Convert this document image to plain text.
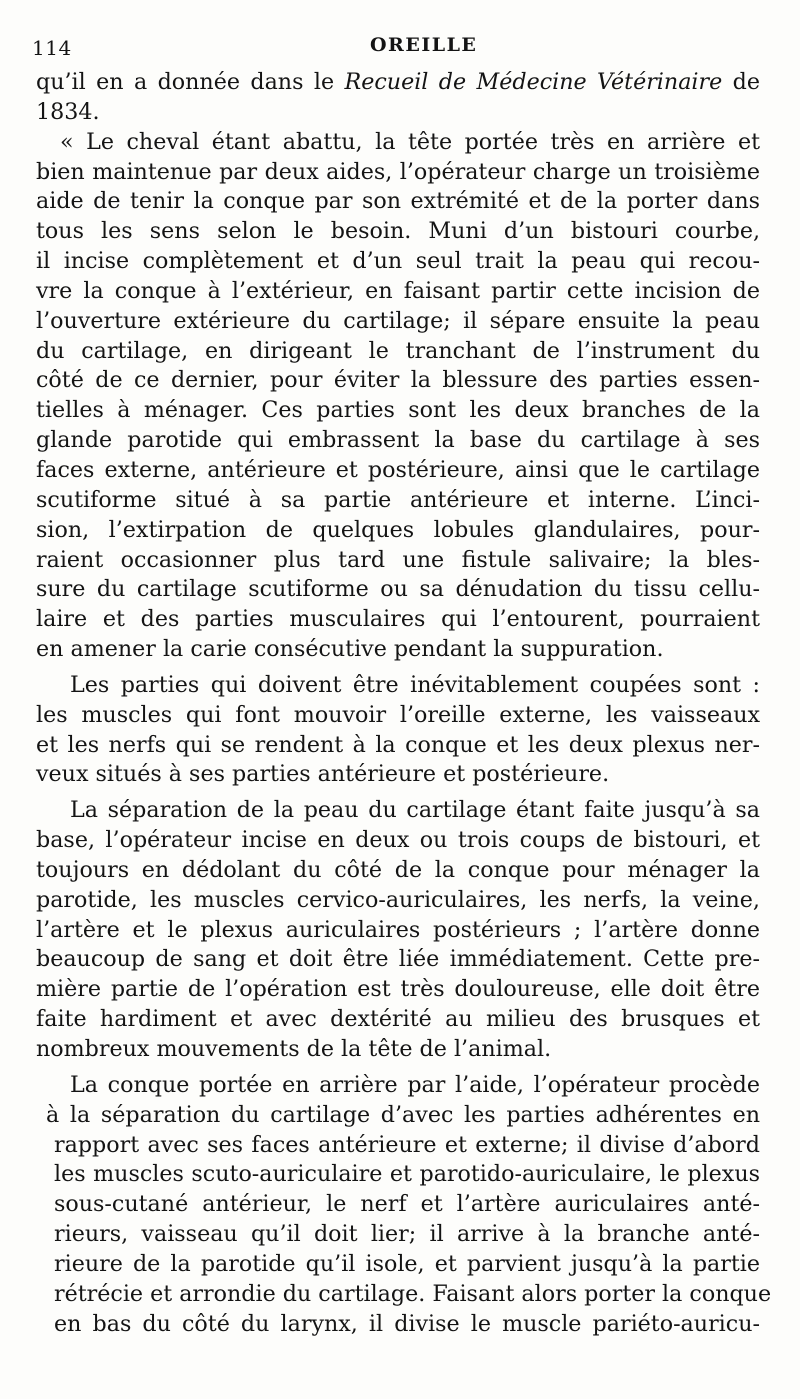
114	OREILLE
qu’il en a donnée dans le Recueil de Médecine Vétérinaire de
1834.
« Le cheval étant abattu, la tête portée très en arrière et
bien maintenue par deux aides, l’opérateur charge un troisième
aide de tenir la conque par son extrémité et de la porter dans
tous les sens selon le besoin. Muni d’un bistouri courbe,
il incise complètement et d’un seul trait la peau qui recou-
vre la conque à l’extérieur, en faisant partir cette incision de
l’ouverture extérieure du cartilage; il sépare ensuite la peau
du cartilage, en dirigeant le tranchant de l’instrument du
côté de ce dernier, pour éviter la blessure des parties essen-
tielles à ménager. Ces parties sont les deux branches de la
glande parotide qui embrassent la base du cartilage à ses
faces externe, antérieure et postérieure, ainsi que le cartilage
scutiforme situé à sa partie antérieure et interne. L’inci-
sion, l’extirpation de quelques lobules glandulaires, pour-
raient occasionner plus tard une fistule salivaire; la bles-
sure du cartilage scutiforme ou sa dénudation du tissu cellu-
laire et des parties musculaires qui l’entourent, pourraient
en amener la carie consécutive pendant la suppuration.
Les parties qui doivent être inévitablement coupées sont :
les muscles qui font mouvoir l’oreille externe, les vaisseaux
et les nerfs qui se rendent à la conque et les deux plexus ner-
veux situés à ses parties antérieure et postérieure.
La séparation de la peau du cartilage étant faite jusqu’à sa
base, l’opérateur incise en deux ou trois coups de bistouri, et
toujours en dédolant du côté de la conque pour ménager la
parotide, les muscles cervico-auriculaires, les nerfs, la veine,
l’artère et le plexus auriculaires postérieurs ; l’artère donne
beaucoup de sang et doit être liée immédiatement. Cette pre-
mière partie de l’opération est très douloureuse, elle doit être
faite hardiment et avec dextérité au milieu des brusques et
nombreux mouvements de la tête de l’animal.
La conque portée en arrière par l’aide, l’opérateur procède
à la séparation du cartilage d’avec les parties adhérentes en
rapport avec ses faces antérieure et externe; il divise d’abord
les muscles scuto-auriculaire et parotido-auriculaire, le plexus
sous-cutané antérieur, le nerf et l’artère auriculaires anté-
rieurs, vaisseau qu’il doit lier; il arrive à la branche anté-
rieure de la parotide qu’il isole, et parvient jusqu’à la partie
rétrécie et arrondie du cartilage. Faisant alors porter la conque
en bas du côté du larynx, il divise le muscle pariéto-auricu-
